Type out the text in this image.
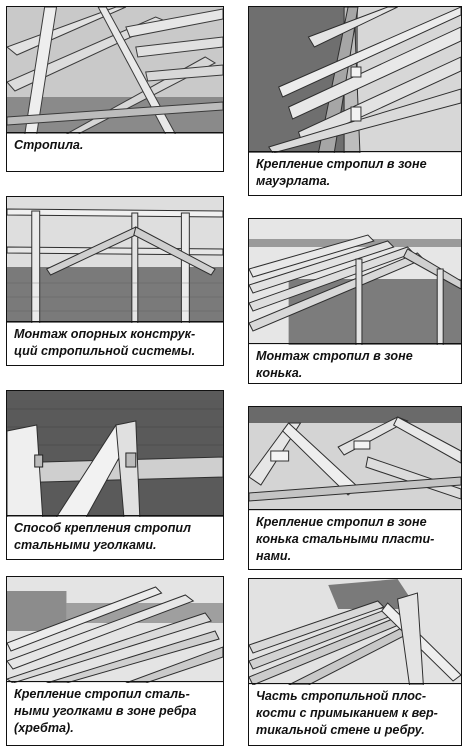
Стропила.
Крепление стропил в зоне
мауэрлата.
Монтаж опорных конструк-
ций стропильной системы.	Монтаж стропил в зоне
конька.
Способ крепления стропил
стальными уголками.
Крепление стропил в зоне
конька стальными пласти-
нами.
Крепление стропил сталь-
ными уголками в зоне ребра
(хребта).
Часть стропильной плос-
кости с примыканием к вер-
тикальной стене и ребру.
